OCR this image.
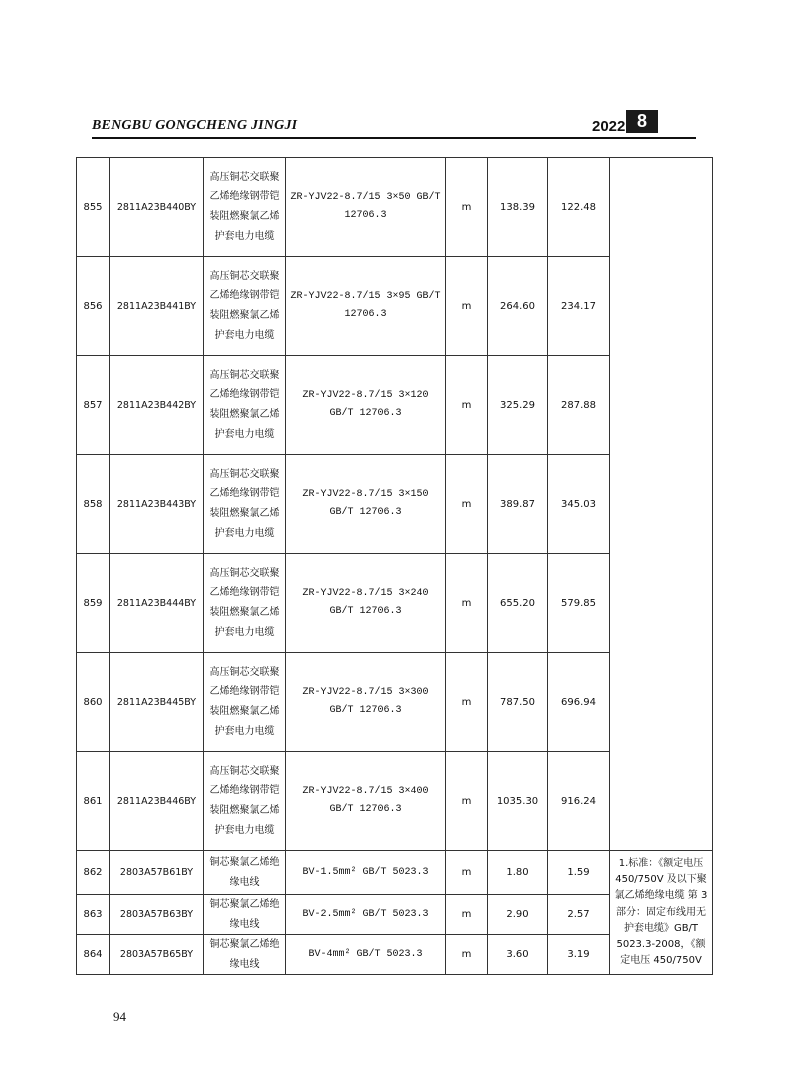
BENGBU GONGCHENG JINGJI	2022 8
855	2811A23B440BY	高压铜芯交联聚乙烯绝缘钢带铠装阻燃聚氯乙烯护套电力电缆	ZR-YJV22-8.7/15 3×50 GB/T 12706.3	m	138.39	122.48	
856	2811A23B441BY	高压铜芯交联聚乙烯绝缘钢带铠装阻燃聚氯乙烯护套电力电缆	ZR-YJV22-8.7/15 3×95 GB/T 12706.3	m	264.60	234.17	
857	2811A23B442BY	高压铜芯交联聚乙烯绝缘钢带铠装阻燃聚氯乙烯护套电力电缆	ZR-YJV22-8.7/15 3×120 GB/T 12706.3	m	325.29	287.88	
858	2811A23B443BY	高压铜芯交联聚乙烯绝缘钢带铠装阻燃聚氯乙烯护套电力电缆	ZR-YJV22-8.7/15 3×150 GB/T 12706.3	m	389.87	345.03	
859	2811A23B444BY	高压铜芯交联聚乙烯绝缘钢带铠装阻燃聚氯乙烯护套电力电缆	ZR-YJV22-8.7/15 3×240 GB/T 12706.3	m	655.20	579.85	
860	2811A23B445BY	高压铜芯交联聚乙烯绝缘钢带铠装阻燃聚氯乙烯护套电力电缆	ZR-YJV22-8.7/15 3×300 GB/T 12706.3	m	787.50	696.94	
861	2811A23B446BY	高压铜芯交联聚乙烯绝缘钢带铠装阻燃聚氯乙烯护套电力电缆	ZR-YJV22-8.7/15 3×400 GB/T 12706.3	m	1035.30	916.24	
862	2803A57B61BY	铜芯聚氯乙烯绝缘电线	BV-1.5mm² GB/T 5023.3	m	1.80	1.59	1.标准：《额定电压 450/750V 及以下聚氯乙烯绝缘电缆 第 3 部分：固定布线用无护套电缆》GB/T 5023.3-2008，《额定电压 450/750V
863	2803A57B63BY	铜芯聚氯乙烯绝缘电线	BV-2.5mm² GB/T 5023.3	m	2.90	2.57	
864	2803A57B65BY	铜芯聚氯乙烯绝缘电线	BV-4mm² GB/T 5023.3	m	3.60	3.19	
94
